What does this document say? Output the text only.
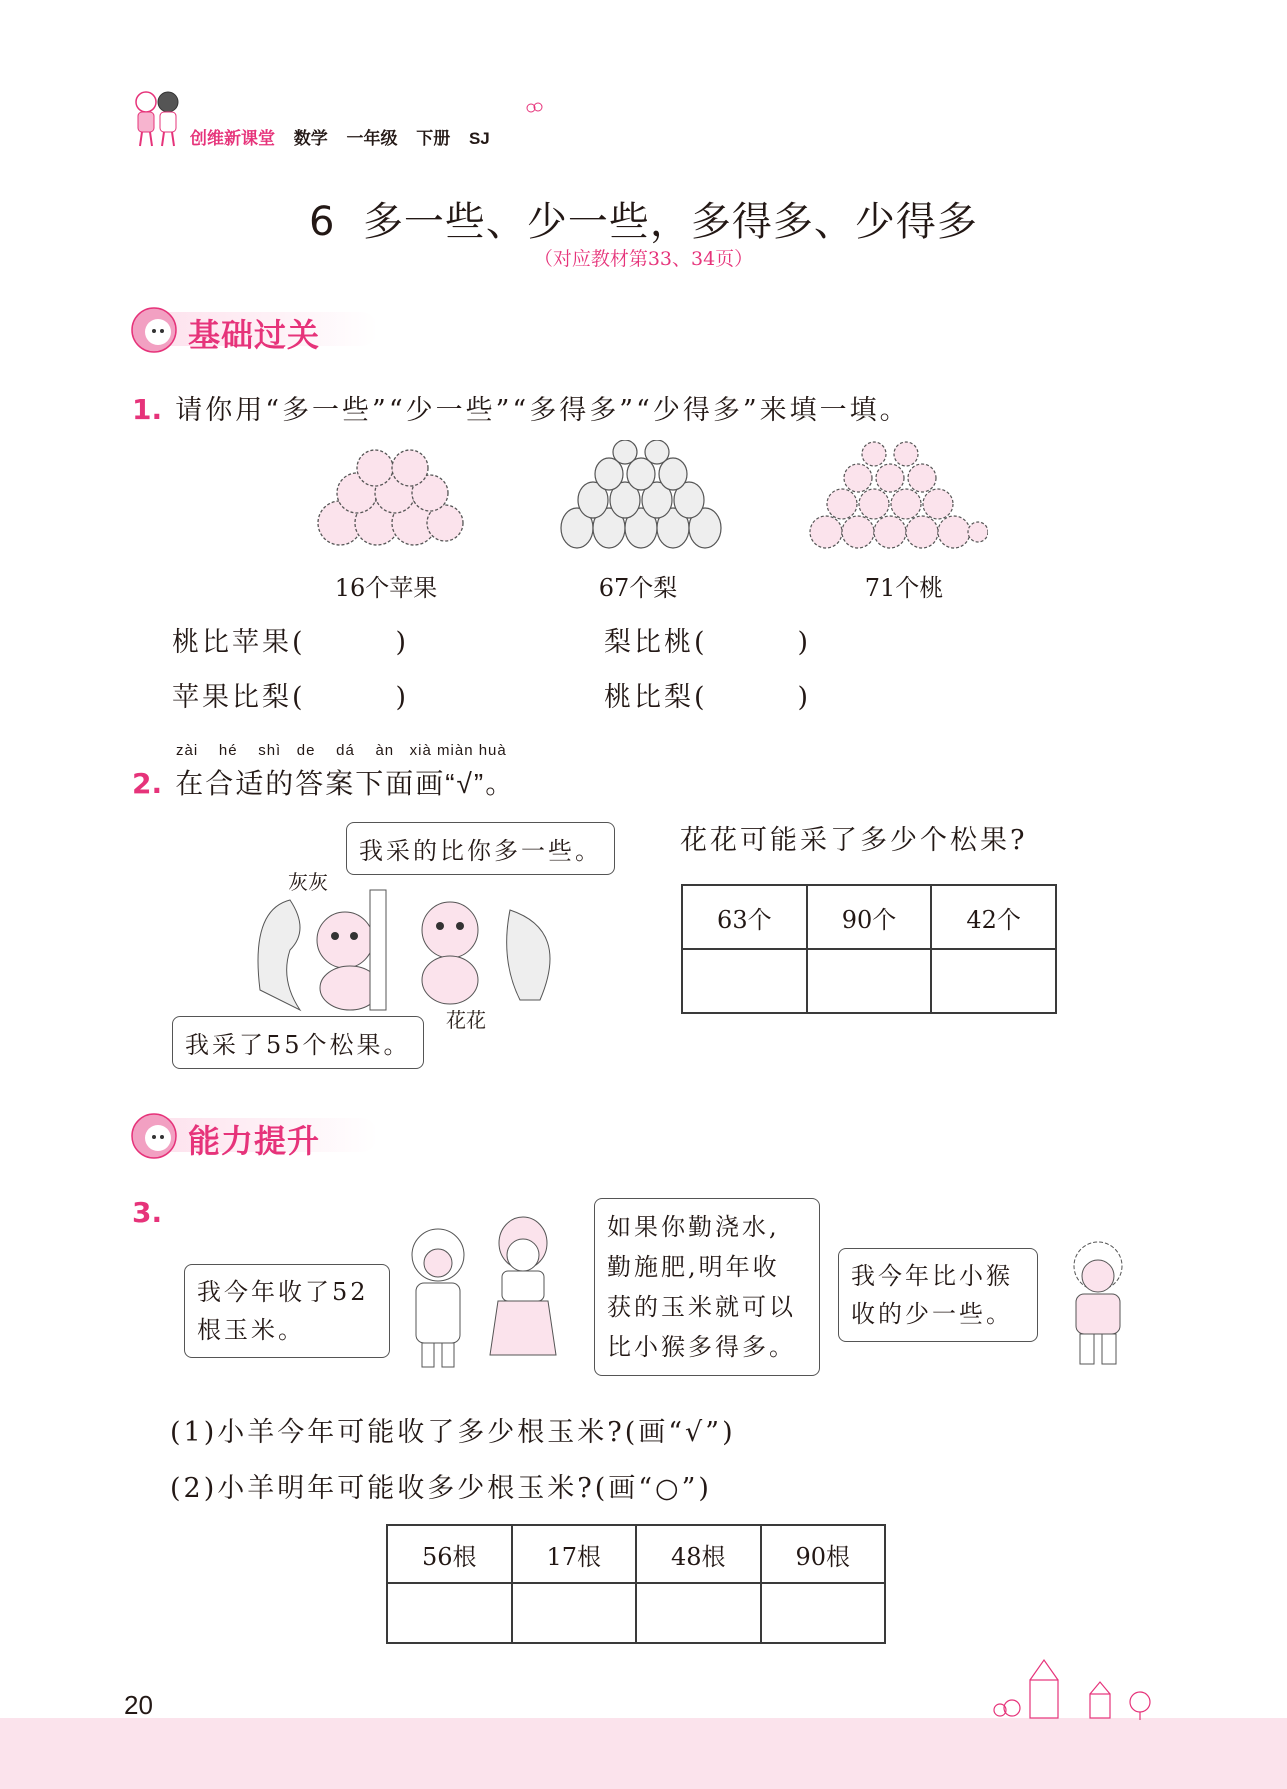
创维新课堂 数学 一年级 下册 SJ
6 多一些、少一些，多得多、少得多
（对应教材第33、34页）
基础过关
1. 请你用“多一些”“少一些”“多得多”“少得多”来填一填。
16个苹果	67个梨	71个桃
桃比苹果(	)	梨比桃(	)
苹果比梨(	)	桃比梨(	)
zài hé shì de dá àn xià miàn huà
2. 在合适的答案下面画“√”。
我采的比你多一些。
灰灰
花花
我采了55个松果。
花花可能采了多少个松果?
63个	90个	42个

能力提升
3.
我今年收了52
根玉米。
如果你勤浇水,
勤施肥,明年收
获的玉米就可以
比小猴多得多。
我今年比小猴
收的少一些。
(1)小羊今年可能收了多少根玉米?(画“√”)
(2)小羊明年可能收多少根玉米?(画“○”)
56根	17根	48根	90根

20
